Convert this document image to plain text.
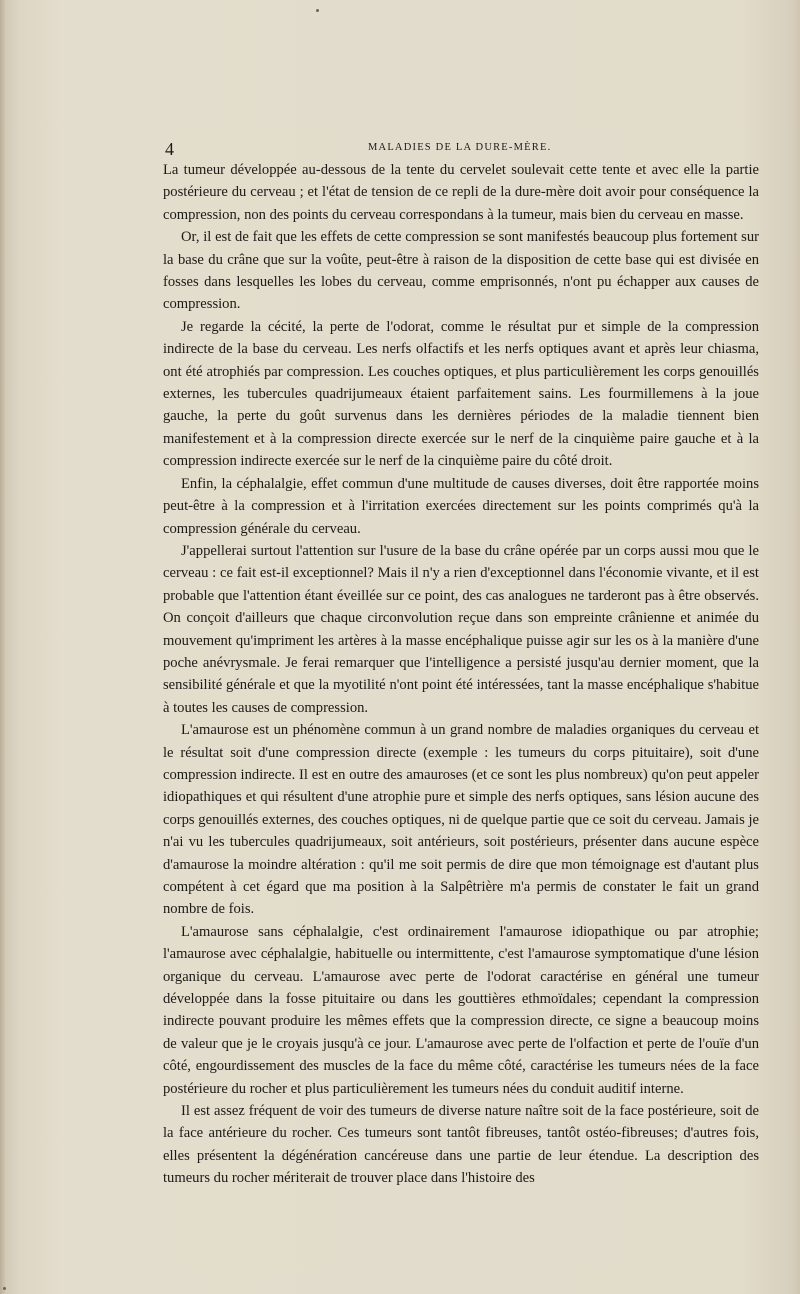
4	MALADIES DE LA DURE-MÈRE.

La tumeur développée au-dessous de la tente du cervelet soulevait cette tente et avec elle la partie postérieure du cerveau ; et l'état de tension de ce repli de la dure-mère doit avoir pour conséquence la compression, non des points du cerveau correspondans à la tumeur, mais bien du cerveau en masse.

Or, il est de fait que les effets de cette compression se sont manifestés beaucoup plus fortement sur la base du crâne que sur la voûte, peut-être à raison de la disposition de cette base qui est divisée en fosses dans lesquelles les lobes du cerveau, comme emprisonnés, n'ont pu échapper aux causes de compression.

Je regarde la cécité, la perte de l'odorat, comme le résultat pur et simple de la compression indirecte de la base du cerveau. Les nerfs olfactifs et les nerfs optiques avant et après leur chiasma, ont été atrophiés par compression. Les couches optiques, et plus particulièrement les corps genouillés externes, les tubercules quadrijumeaux étaient parfaitement sains. Les fourmillemens à la joue gauche, la perte du goût survenus dans les dernières périodes de la maladie tiennent bien manifestement et à la compression directe exercée sur le nerf de la cinquième paire gauche et à la compression indirecte exercée sur le nerf de la cinquième paire du côté droit.

Enfin, la céphalalgie, effet commun d'une multitude de causes diverses, doit être rapportée moins peut-être à la compression et à l'irritation exercées directement sur les points comprimés qu'à la compression générale du cerveau.

J'appellerai surtout l'attention sur l'usure de la base du crâne opérée par un corps aussi mou que le cerveau : ce fait est-il exceptionnel? Mais il n'y a rien d'exceptionnel dans l'économie vivante, et il est probable que l'attention étant éveillée sur ce point, des cas analogues ne tarderont pas à être observés. On conçoit d'ailleurs que chaque circonvolution reçue dans son empreinte crânienne et animée du mouvement qu'impriment les artères à la masse encéphalique puisse agir sur les os à la manière d'une poche anévrysmale. Je ferai remarquer que l'intelligence a persisté jusqu'au dernier moment, que la sensibilité générale et que la myotilité n'ont point été intéressées, tant la masse encéphalique s'habitue à toutes les causes de compression.

L'amaurose est un phénomène commun à un grand nombre de maladies organiques du cerveau et le résultat soit d'une compression directe (exemple : les tumeurs du corps pituitaire), soit d'une compression indirecte. Il est en outre des amauroses (et ce sont les plus nombreux) qu'on peut appeler idiopathiques et qui résultent d'une atrophie pure et simple des nerfs optiques, sans lésion aucune des corps genouillés externes, des couches optiques, ni de quelque partie que ce soit du cerveau. Jamais je n'ai vu les tubercules quadrijumeaux, soit antérieurs, soit postérieurs, présenter dans aucune espèce d'amaurose la moindre altération : qu'il me soit permis de dire que mon témoignage est d'autant plus compétent à cet égard que ma position à la Salpêtrière m'a permis de constater le fait un grand nombre de fois.

L'amaurose sans céphalalgie, c'est ordinairement l'amaurose idiopathique ou par atrophie; l'amaurose avec céphalalgie, habituelle ou intermittente, c'est l'amaurose symptomatique d'une lésion organique du cerveau. L'amaurose avec perte de l'odorat caractérise en général une tumeur développée dans la fosse pituitaire ou dans les gouttières ethmoïdales; cependant la compression indirecte pouvant produire les mêmes effets que la compression directe, ce signe a beaucoup moins de valeur que je le croyais jusqu'à ce jour. L'amaurose avec perte de l'olfaction et perte de l'ouïe d'un côté, engourdissement des muscles de la face du même côté, caractérise les tumeurs nées de la face postérieure du rocher et plus particulièrement les tumeurs nées du conduit auditif interne.

Il est assez fréquent de voir des tumeurs de diverse nature naître soit de la face postérieure, soit de la face antérieure du rocher. Ces tumeurs sont tantôt fibreuses, tantôt ostéo-fibreuses; d'autres fois, elles présentent la dégénération cancéreuse dans une partie de leur étendue. La description des tumeurs du rocher mériterait de trouver place dans l'histoire des
